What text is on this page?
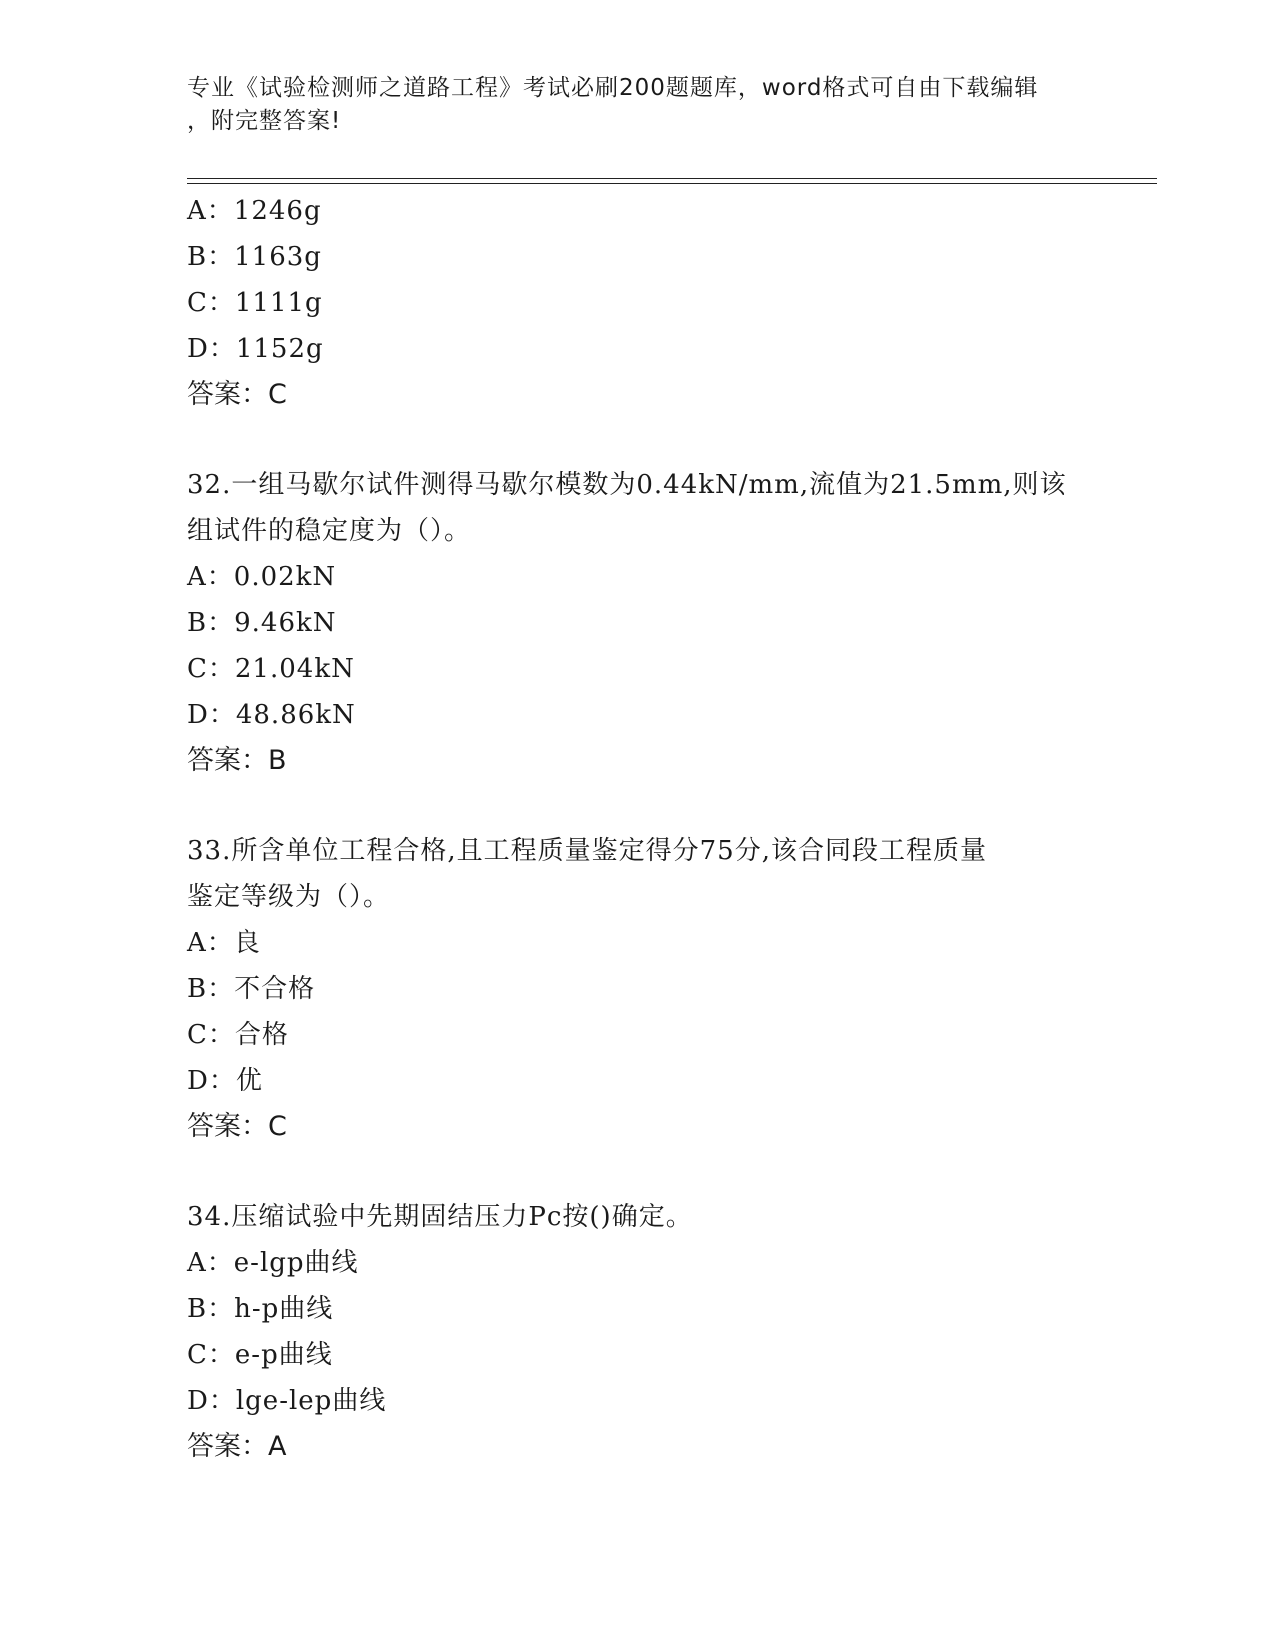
专业《试验检测师之道路工程》考试必刷200题题库，word格式可自由下载编辑
，附完整答案!
A：1246g
B：1163g
C：1111g
D：1152g
答案：C
32.一组马歇尔试件测得马歇尔模数为0.44kN/mm,流值为21.5mm,则该
组试件的稳定度为（）。
A：0.02kN
B：9.46kN
C：21.04kN
D：48.86kN
答案：B
33.所含单位工程合格,且工程质量鉴定得分75分,该合同段工程质量
鉴定等级为（）。
A：良
B：不合格
C：合格
D：优
答案：C
34.压缩试验中先期固结压力Pc按()确定。
A：e-lgp曲线
B：h-p曲线
C：e-p曲线
D：lge-lep曲线
答案：A
